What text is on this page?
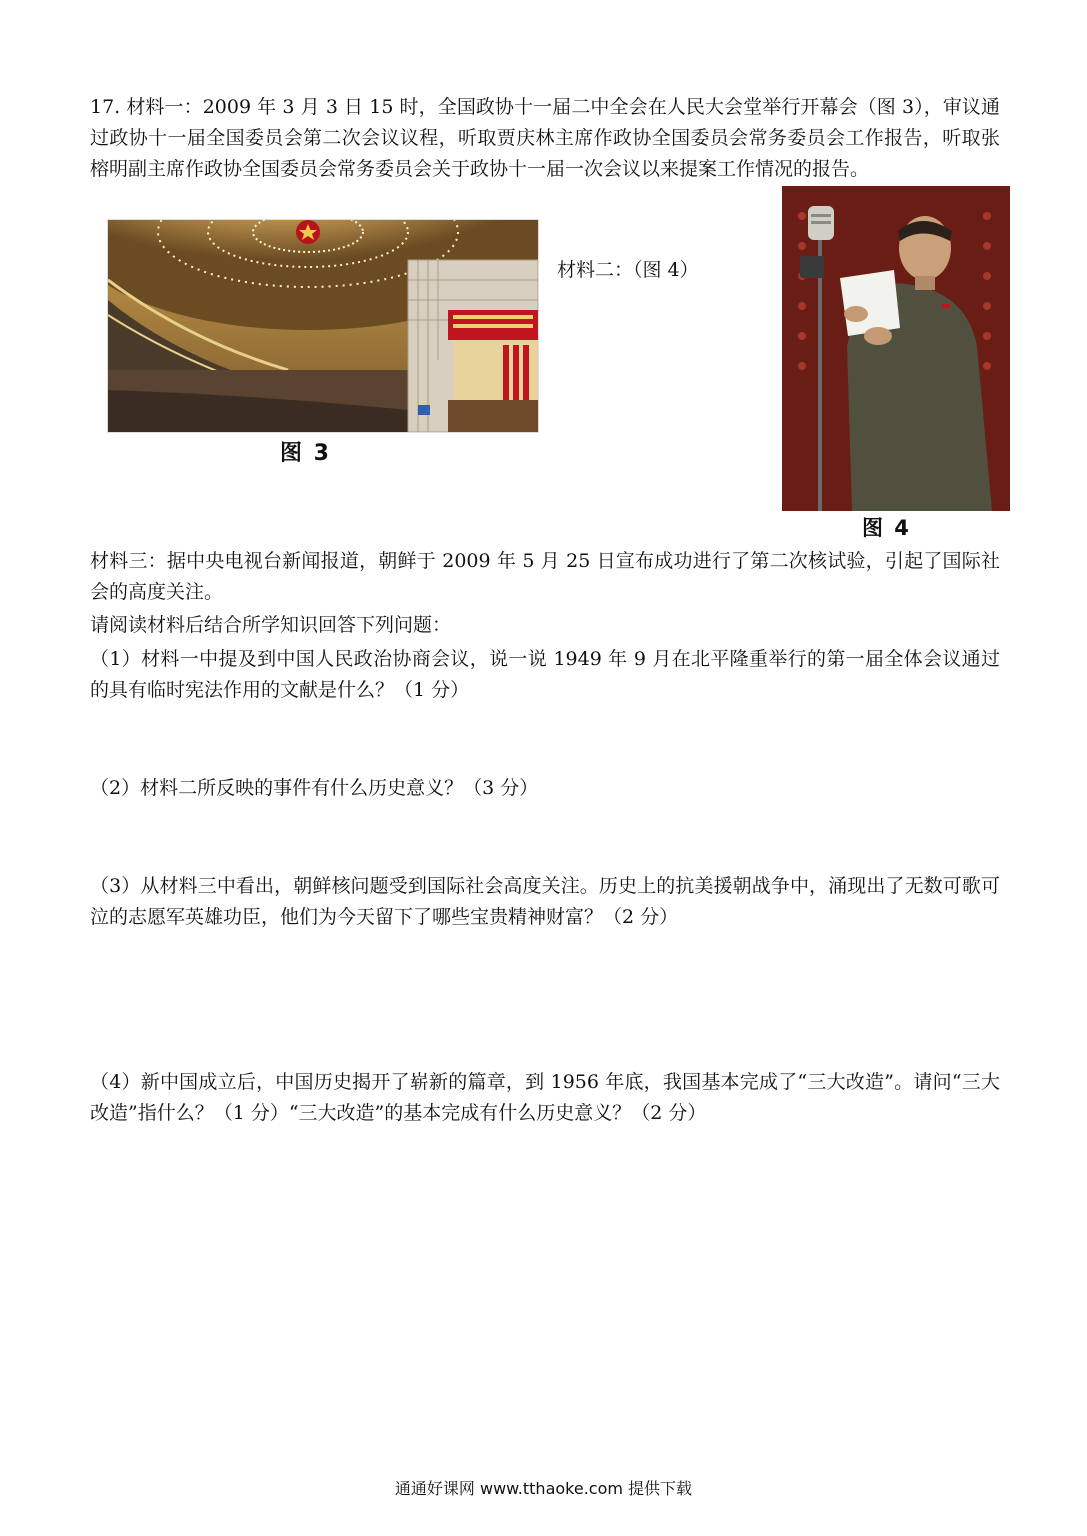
17. 材料一：2009 年 3 月 3 日 15 时，全国政协十一届二中全会在人民大会堂举行开幕会（图 3），审议通过政协十一届全国委员会第二次会议议程，听取贾庆林主席作政协全国委员会常务委员会工作报告，听取张榕明副主席作政协全国委员会常务委员会关于政协十一届一次会议以来提案工作情况的报告。

图 3

材料二：（图 4）

图 4

材料三：据中央电视台新闻报道，朝鲜于 2009 年 5 月 25 日宣布成功进行了第二次核试验，引起了国际社会的高度关注。

请阅读材料后结合所学知识回答下列问题：

（1）材料一中提及到中国人民政治协商会议，说一说 1949 年 9 月在北平隆重举行的第一届全体会议通过的具有临时宪法作用的文献是什么？（1 分）

（2）材料二所反映的事件有什么历史意义？（3 分）

（3）从材料三中看出，朝鲜核问题受到国际社会高度关注。历史上的抗美援朝战争中，涌现出了无数可歌可泣的志愿军英雄功臣，他们为今天留下了哪些宝贵精神财富？（2 分）

（4）新中国成立后，中国历史揭开了崭新的篇章，到 1956 年底，我国基本完成了“三大改造”。请问“三大改造”指什么？（1 分）“三大改造”的基本完成有什么历史意义？（2 分）

通通好课网 www.tthaoke.com 提供下载
